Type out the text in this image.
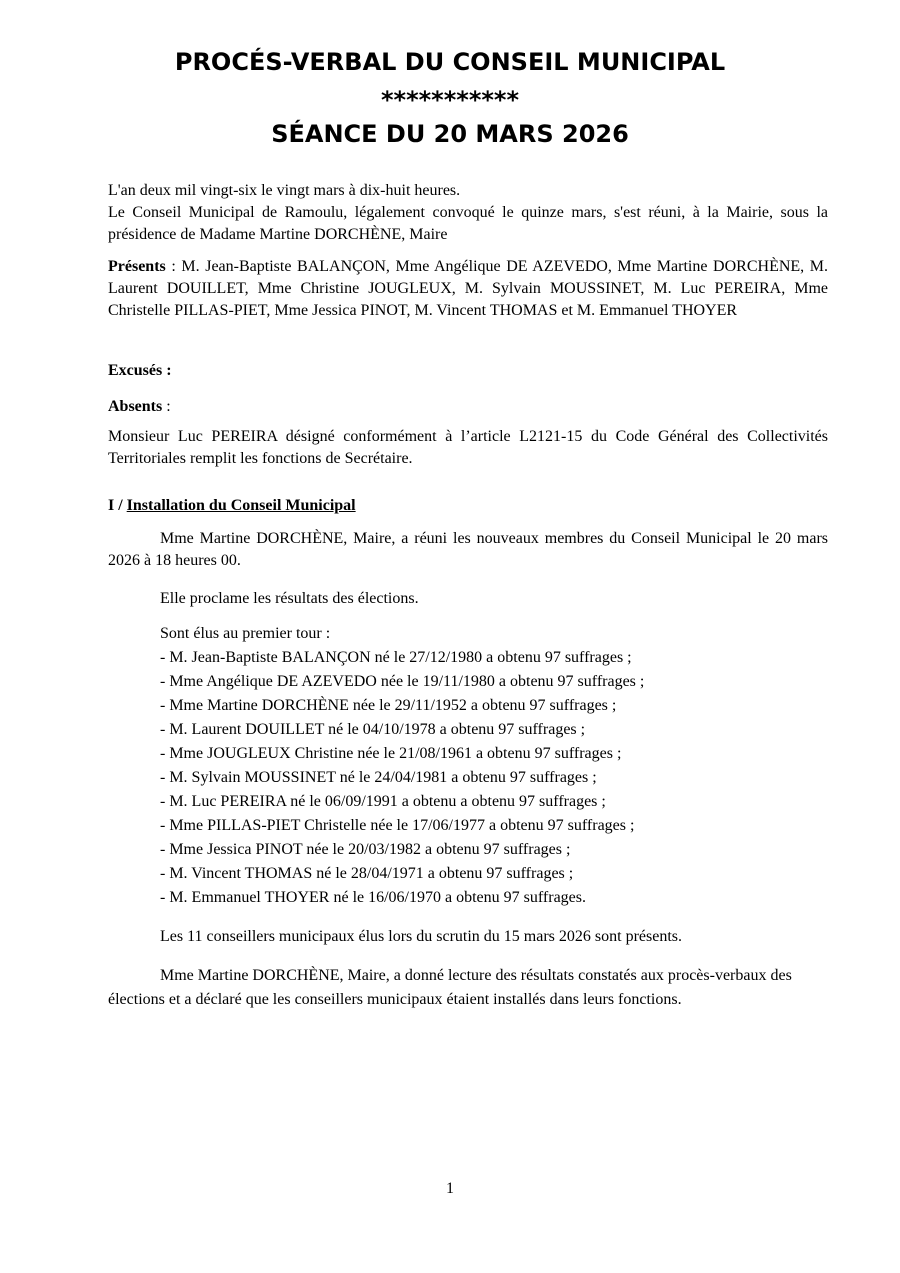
PROCÉS-VERBAL DU CONSEIL MUNICIPAL
***********
SÉANCE DU 20 MARS 2026

L'an deux mil vingt-six le vingt mars à dix-huit heures.

Le Conseil Municipal de Ramoulu, légalement convoqué le quinze mars, s'est réuni, à la Mairie, sous la présidence de Madame Martine DORCHÈNE, Maire

Présents : M. Jean-Baptiste BALANÇON, Mme Angélique DE AZEVEDO, Mme Martine DORCHÈNE, M. Laurent DOUILLET, Mme Christine JOUGLEUX, M. Sylvain MOUSSINET, M. Luc PEREIRA, Mme Christelle PILLAS-PIET, Mme Jessica PINOT, M. Vincent THOMAS et M. Emmanuel THOYER

Excusés :

Absents :

Monsieur Luc PEREIRA désigné conformément à l’article L2121-15 du Code Général des Collectivités Territoriales remplit les fonctions de Secrétaire.

I / Installation du Conseil Municipal

Mme Martine DORCHÈNE, Maire, a réuni les nouveaux membres du Conseil Municipal le 20 mars 2026 à 18 heures 00.

Elle proclame les résultats des élections.

Sont élus au premier tour :

- M. Jean-Baptiste BALANÇON né le 27/12/1980 a obtenu 97 suffrages ;

- Mme Angélique DE AZEVEDO née le 19/11/1980 a obtenu 97 suffrages ;

- Mme Martine DORCHÈNE née le 29/11/1952 a obtenu 97 suffrages ;

- M. Laurent DOUILLET né le 04/10/1978 a obtenu 97 suffrages ;

- Mme JOUGLEUX Christine née le 21/08/1961 a obtenu 97 suffrages ;

- M. Sylvain MOUSSINET né le 24/04/1981 a obtenu 97 suffrages ;

- M. Luc PEREIRA né le 06/09/1991 a obtenu a obtenu 97 suffrages ;

- Mme PILLAS-PIET Christelle née le 17/06/1977 a obtenu 97 suffrages ;

- Mme Jessica PINOT née le 20/03/1982 a obtenu 97 suffrages ;

- M. Vincent THOMAS né le 28/04/1971 a obtenu 97 suffrages ;

- M. Emmanuel THOYER né le 16/06/1970 a obtenu 97 suffrages.

Les 11 conseillers municipaux élus lors du scrutin du 15 mars 2026 sont présents.

Mme Martine DORCHÈNE, Maire, a donné lecture des résultats constatés aux procès-verbaux des élections et a déclaré que les conseillers municipaux étaient installés dans leurs fonctions.

1
